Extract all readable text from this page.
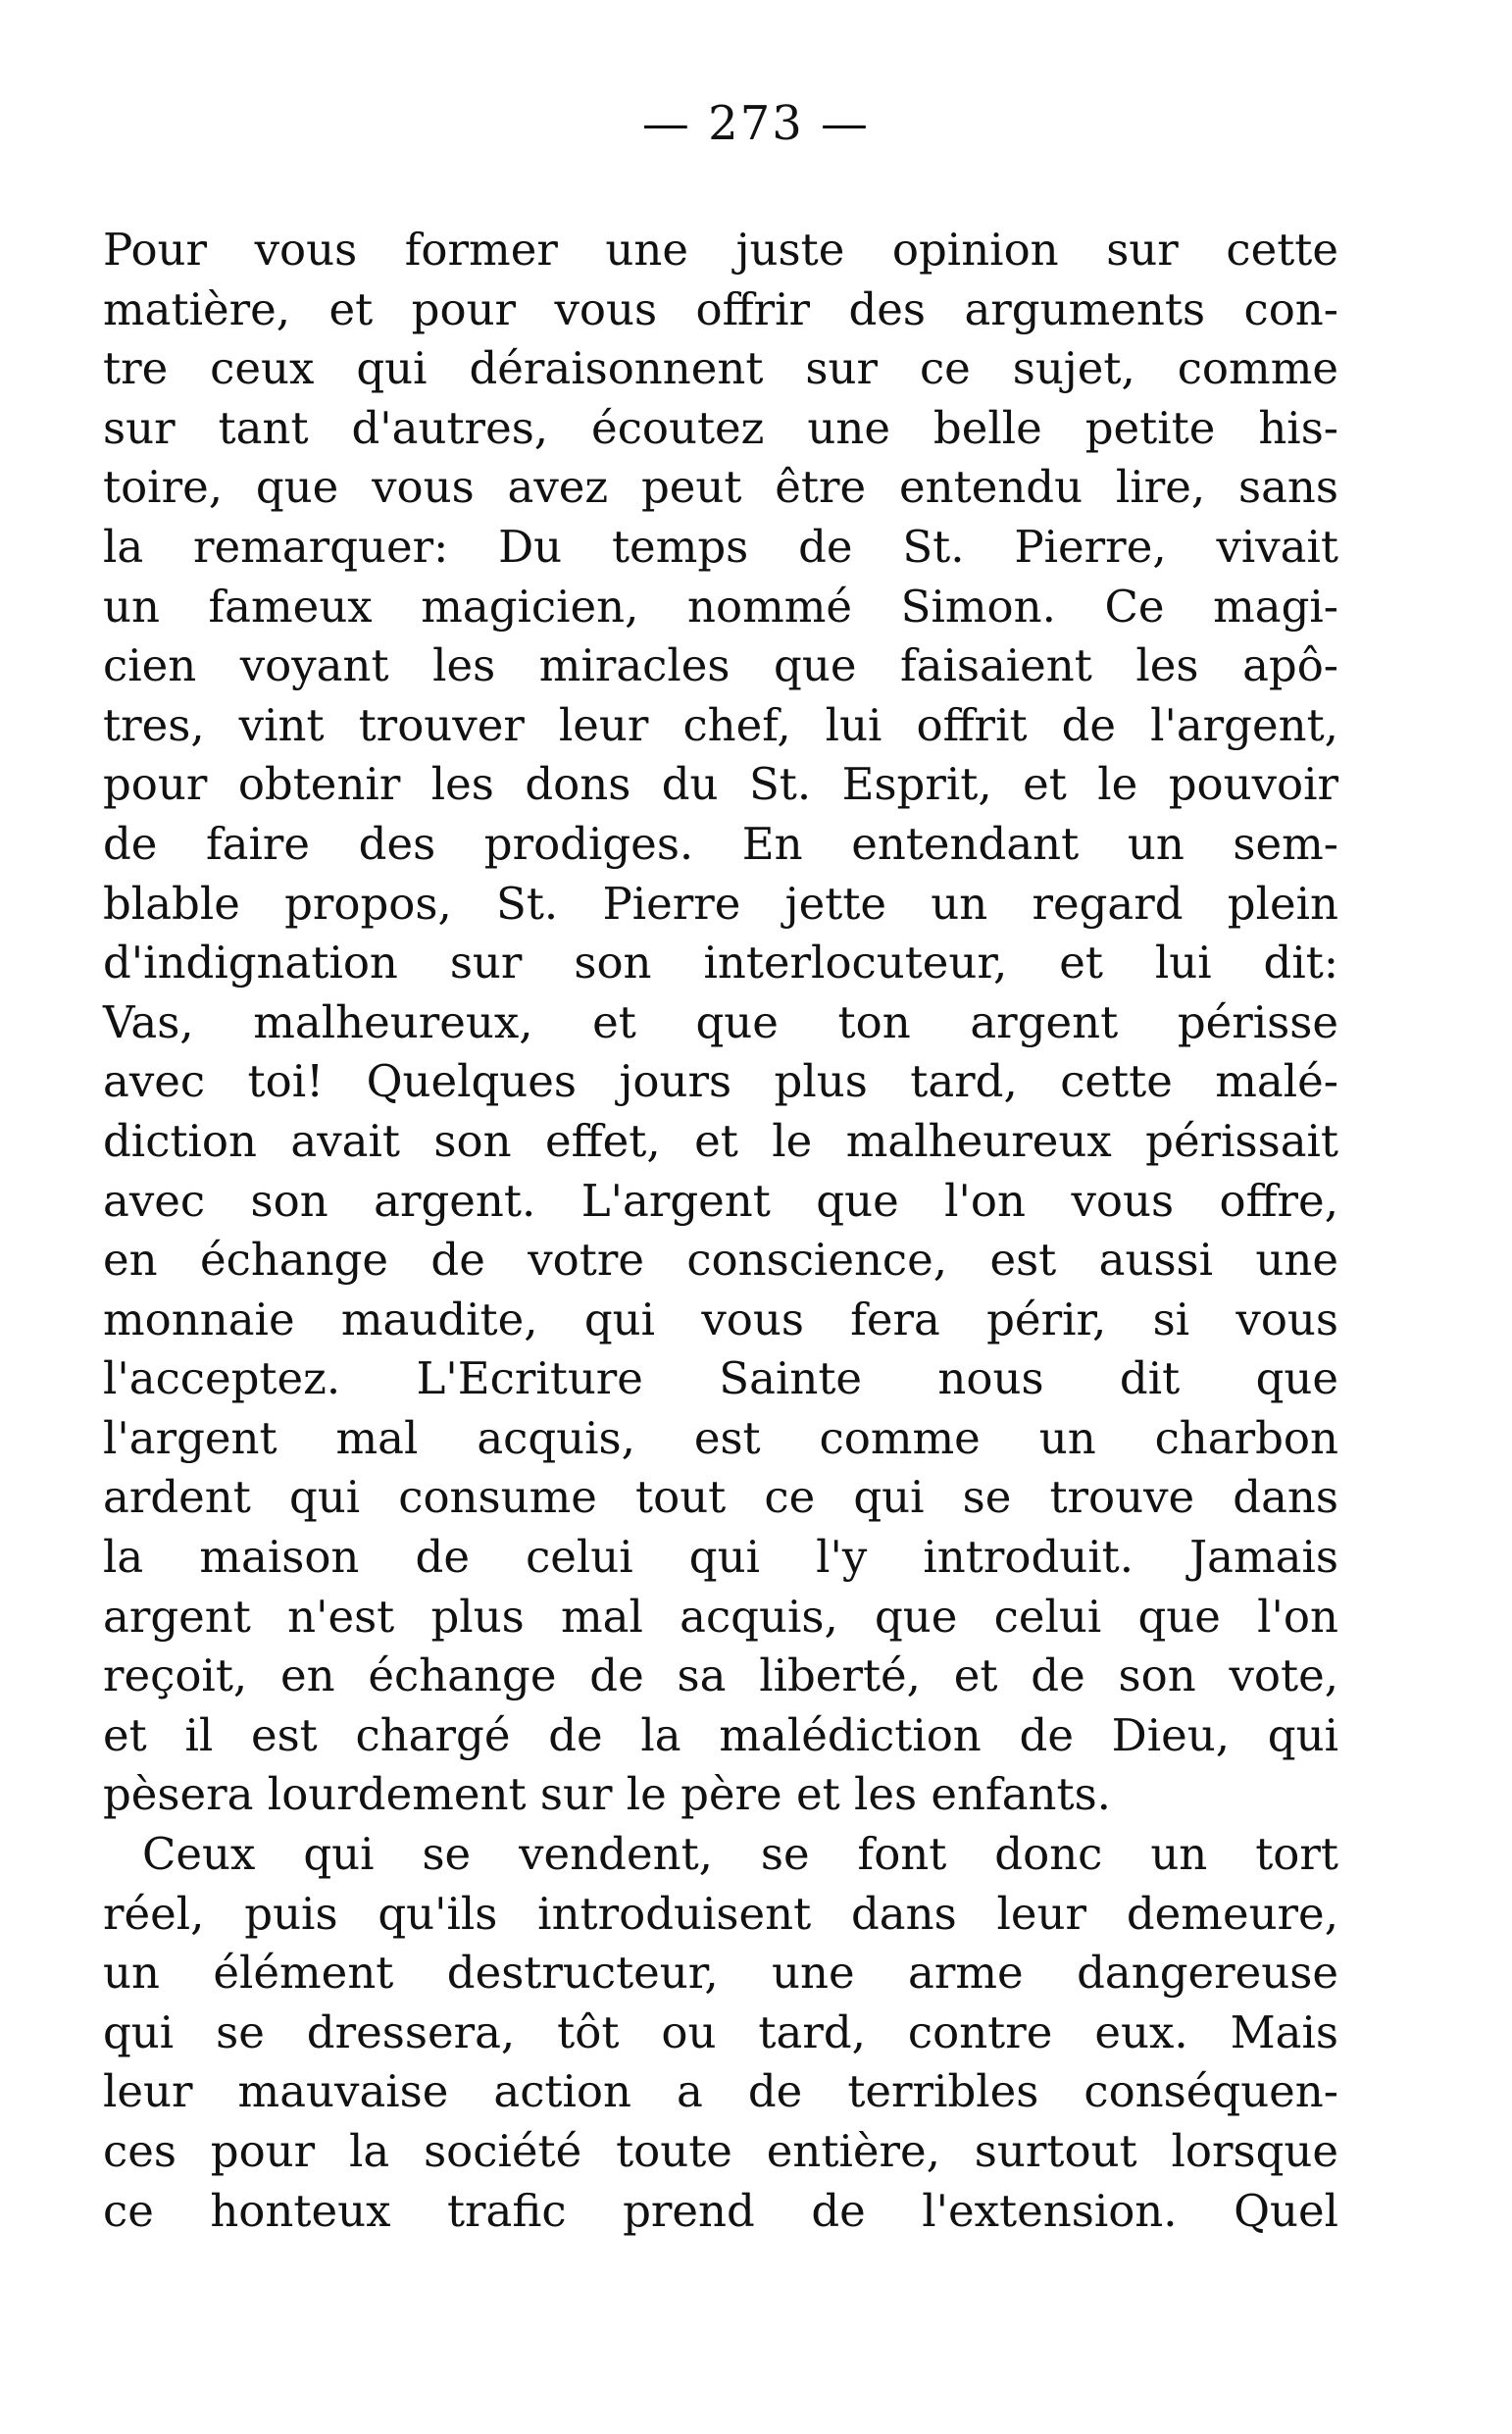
— 273 —
Pour vous former une juste opinion sur cette
matière, et pour vous offrir des arguments con-
tre ceux qui déraisonnent sur ce sujet, comme
sur tant d'autres, écoutez une belle petite his-
toire, que vous avez peut être entendu lire, sans
la remarquer: Du temps de St. Pierre, vivait
un fameux magicien, nommé Simon. Ce magi-
cien voyant les miracles que faisaient les apô-
tres, vint trouver leur chef, lui offrit de l'argent,
pour obtenir les dons du St. Esprit, et le pouvoir
de faire des prodiges. En entendant un sem-
blable propos, St. Pierre jette un regard plein
d'indignation sur son interlocuteur, et lui dit:
Vas, malheureux, et que ton argent périsse
avec toi! Quelques jours plus tard, cette malé-
diction avait son effet, et le malheureux périssait
avec son argent. L'argent que l'on vous offre,
en échange de votre conscience, est aussi une
monnaie maudite, qui vous fera périr, si vous
l'acceptez. L'Ecriture Sainte nous dit que
l'argent mal acquis, est comme un charbon
ardent qui consume tout ce qui se trouve dans
la maison de celui qui l'y introduit. Jamais
argent n'est plus mal acquis, que celui que l'on
reçoit, en échange de sa liberté, et de son vote,
et il est chargé de la malédiction de Dieu, qui
pèsera lourdement sur le père et les enfants.
Ceux qui se vendent, se font donc un tort
réel, puis qu'ils introduisent dans leur demeure,
un élément destructeur, une arme dangereuse
qui se dressera, tôt ou tard, contre eux. Mais
leur mauvaise action a de terribles conséquen-
ces pour la société toute entière, surtout lorsque
ce honteux trafic prend de l'extension. Quel
